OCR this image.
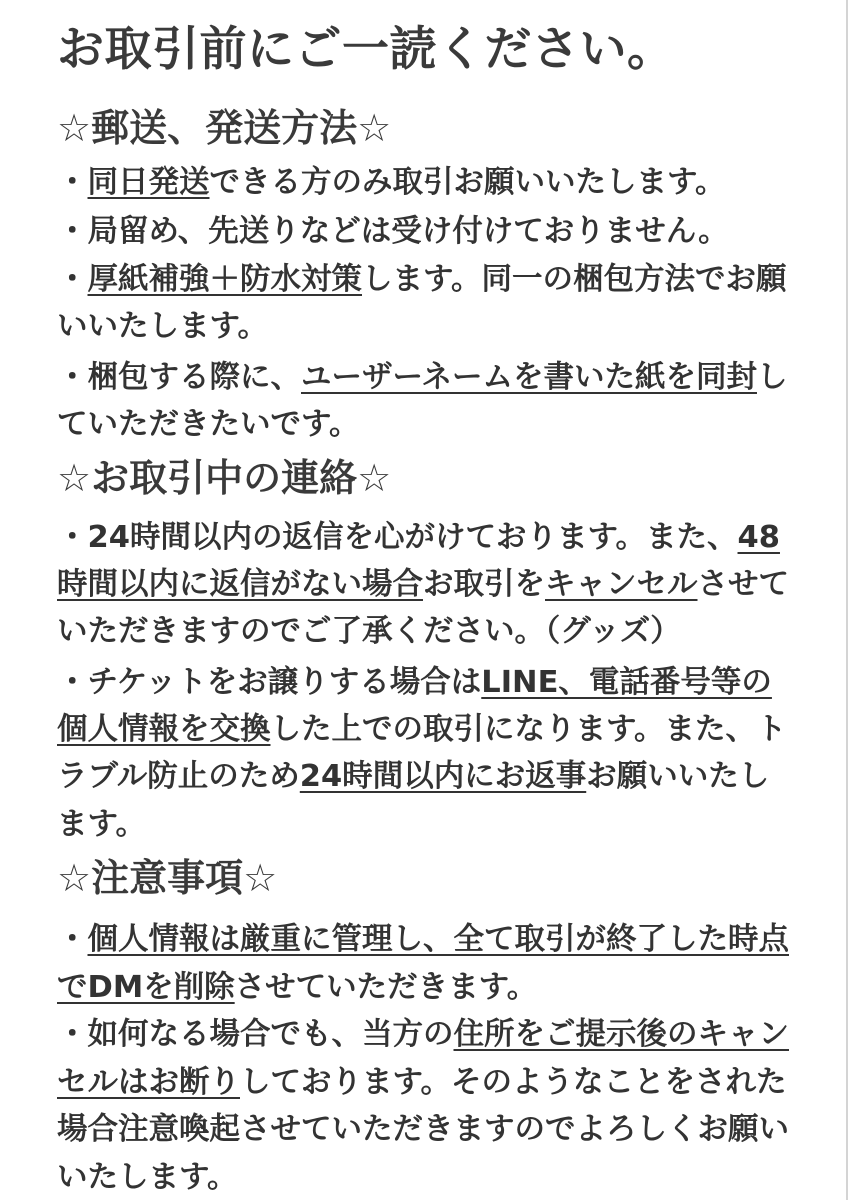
お取引前にご一読ください。
☆郵送、発送方法☆
・同日発送できる方のみ取引お願いいたします。
・局留め、先送りなどは受け付けておりません。
・厚紙補強＋防水対策します。同一の梱包方法でお願
いいたします。
・梱包する際に、ユーザーネームを書いた紙を同封し
ていただきたいです。
☆お取引中の連絡☆
・24時間以内の返信を心がけております。また、48
時間以内に返信がない場合お取引をキャンセルさせて
いただきますのでご了承ください。（グッズ）
・チケットをお譲りする場合はLINE、電話番号等の
個人情報を交換した上での取引になります。また、ト
ラブル防止のため24時間以内にお返事お願いいたし
ます。
☆注意事項☆
・個人情報は厳重に管理し、全て取引が終了した時点
でDMを削除させていただきます。
・如何なる場合でも、当方の住所をご提示後のキャン
セルはお断りしております。そのようなことをされた
場合注意喚起させていただきますのでよろしくお願い
いたします。
